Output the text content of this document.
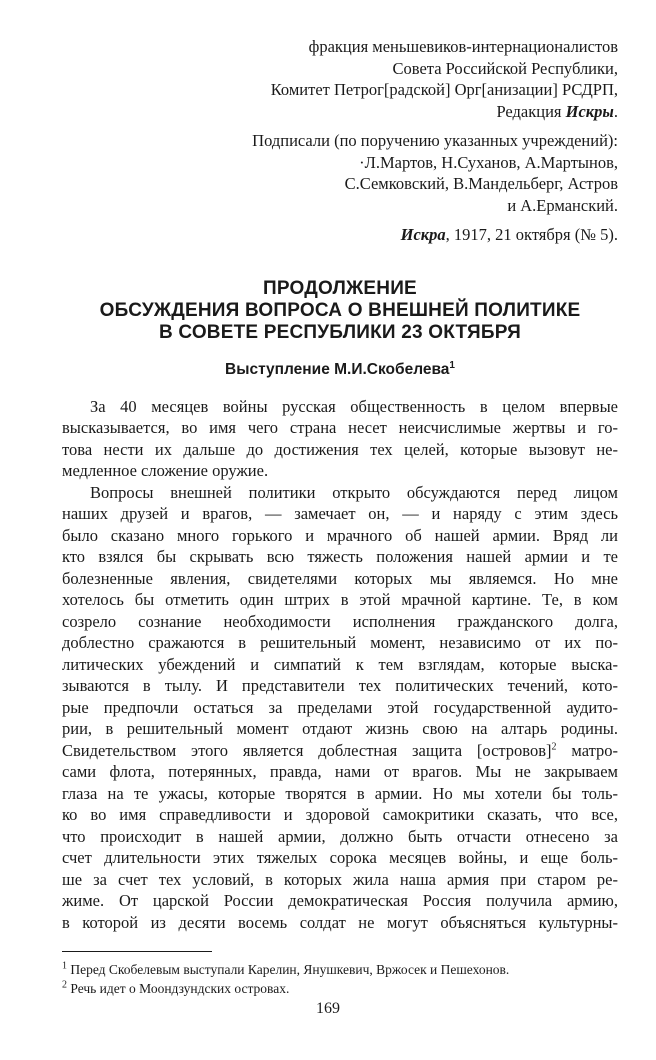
фракция меньшевиков-интернационалистов
Совета Российской Республики,
Комитет Петрог[радской] Орг[анизации] РСДРП,
Редакция Искры.
Подписали (по поручению указанных учреждений):
·Л.Мартов, Н.Суханов, А.Мартынов,
С.Семковский, В.Мандельберг, Астров
и А.Ерманский.
Искра, 1917, 21 октября (№ 5).
ПРОДОЛЖЕНИЕ
ОБСУЖДЕНИЯ ВОПРОСА О ВНЕШНЕЙ ПОЛИТИКЕ
В СОВЕТЕ РЕСПУБЛИКИ 23 ОКТЯБРЯ
Выступление М.И.Скобелева$^1$
За 40 месяцев войны русская общественность в целом впервые
высказывается, во имя чего страна несет неисчислимые жертвы и го-
това нести их дальше до достижения тех целей, которые вызовут не-
медленное сложение оружие.
Вопросы внешней политики открыто обсуждаются перед лицом
наших друзей и врагов, — замечает он, — и наряду с этим здесь
было сказано много горького и мрачного об нашей армии. Вряд ли
кто взялся бы скрывать всю тяжесть положения нашей армии и те
болезненные явления, свидетелями которых мы являемся. Но мне
хотелось бы отметить один штрих в этой мрачной картине. Те, в ком
созрело сознание необходимости исполнения гражданского долга,
доблестно сражаются в решительный момент, независимо от их по-
литических убеждений и симпатий к тем взглядам, которые выска-
зываются в тылу. И представители тех политических течений, кото-
рые предпочли остаться за пределами этой государственной аудито-
рии, в решительный момент отдают жизнь свою на алтарь родины.
Свидетельством этого является доблестная защита [островов]$^2$ матро-
сами флота, потерянных, правда, нами от врагов. Мы не закрываем
глаза на те ужасы, которые творятся в армии. Но мы хотели бы толь-
ко во имя справедливости и здоровой самокритики сказать, что все,
что происходит в нашей армии, должно быть отчасти отнесено за
счет длительности этих тяжелых сорока месяцев войны, и еще боль-
ше за счет тех условий, в которых жила наша армия при старом ре-
жиме. От царской России демократическая Россия получила армию,
в которой из десяти восемь солдат не могут объясняться культурны-
$^1$ Перед Скобелевым выступали Карелин, Янушкевич, Вржосек и Пешехонов.
$^2$ Речь идет о Моондзундских островах.
169
